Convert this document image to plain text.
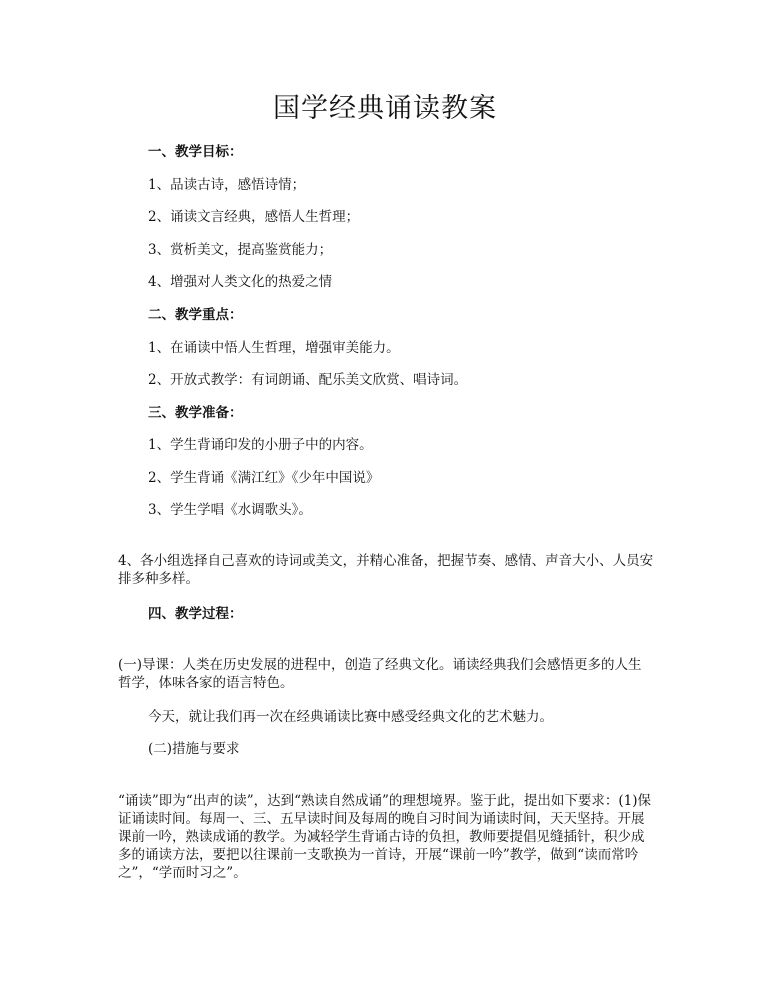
国学经典诵读教案
一、教学目标：
1、品读古诗，感悟诗情；
2、诵读文言经典，感悟人生哲理；
3、赏析美文，提高鉴赏能力；
4、增强对人类文化的热爱之情
二、教学重点：
1、在诵读中悟人生哲理，增强审美能力。
2、开放式教学：有词朗诵、配乐美文欣赏、唱诗词。
三、教学准备：
1、学生背诵印发的小册子中的内容。
2、学生背诵《满江红》《少年中国说》
3、学生学唱《水调歌头》。

4、各小组选择自己喜欢的诗词或美文，并精心准备，把握节奏、感情、声音大小、人员安排多种多样。

四、教学过程：

(一)导课：人类在历史发展的进程中，创造了经典文化。诵读经典我们会感悟更多的人生哲学，体味各家的语言特色。

今天，就让我们再一次在经典诵读比赛中感受经典文化的艺术魅力。
(二)措施与要求

“诵读”即为“出声的读”，达到“熟读自然成诵”的理想境界。鉴于此，提出如下要求：(1)保证诵读时间。每周一、三、五早读时间及每周的晚自习时间为诵读时间，天天坚持。开展课前一吟，熟读成诵的教学。为减轻学生背诵古诗的负担，教师要提倡见缝插针，积少成多的诵读方法，要把以往课前一支歌换为一首诗，开展“课前一吟”教学，做到“读而常吟之”，“学而时习之”。
